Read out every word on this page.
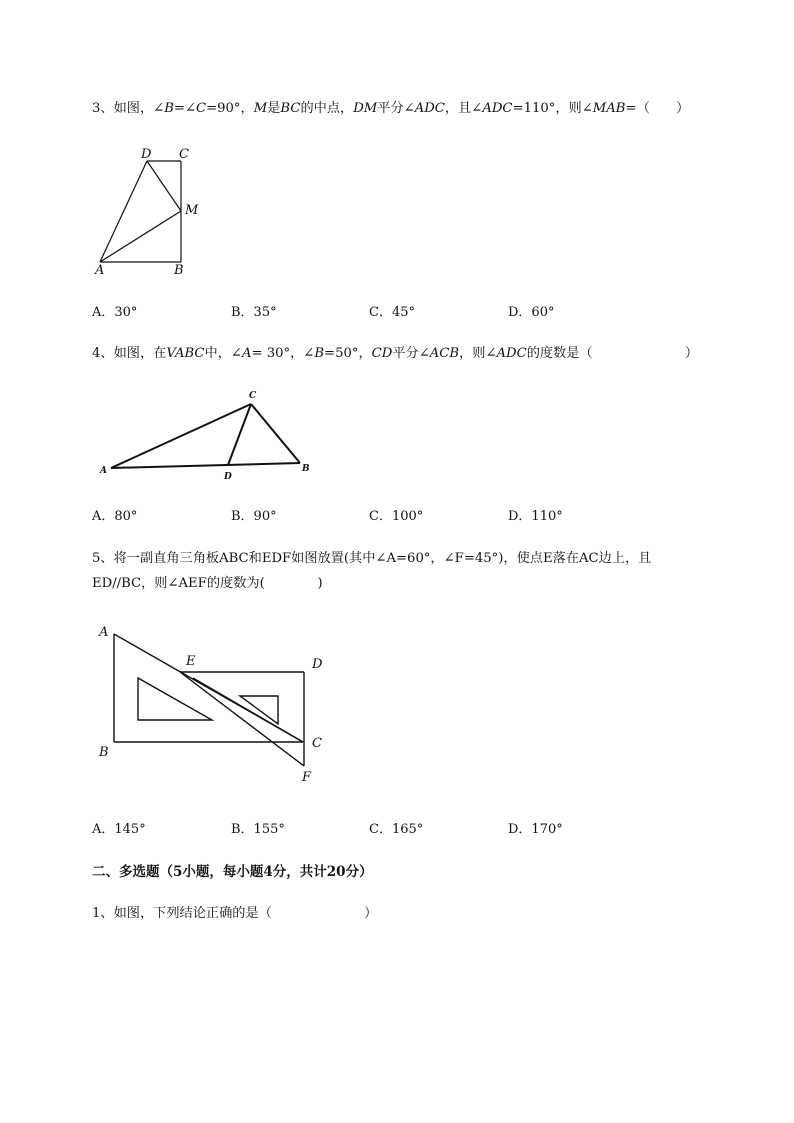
3、如图，∠B=∠C=90°，M是BC的中点，DM平分∠ADC，且∠ADC=110°，则∠MAB=（　　）
D C
M
A	B
A．30°	B．35°	C．45°	D．60°
4、如图，在VABC中，∠A= 30°，∠B=50°，CD平分∠ACB，则∠ADC的度数是（　　　　　　　）
C
A
D
B
A．80°	B．90°	C．100°	D．110°
5、将一副直角三角板ABC和EDF如图放置(其中∠A=60°，∠F=45°)，使点E落在AC边上，且
ED//BC，则∠AEF的度数为(　　　　)
A
E	D
B
C
F
A．145°	B．155°	C．165°	D．170°
二、多选题（5小题，每小题4分，共计20分）
1、如图，下列结论正确的是（　　　　　　　）
